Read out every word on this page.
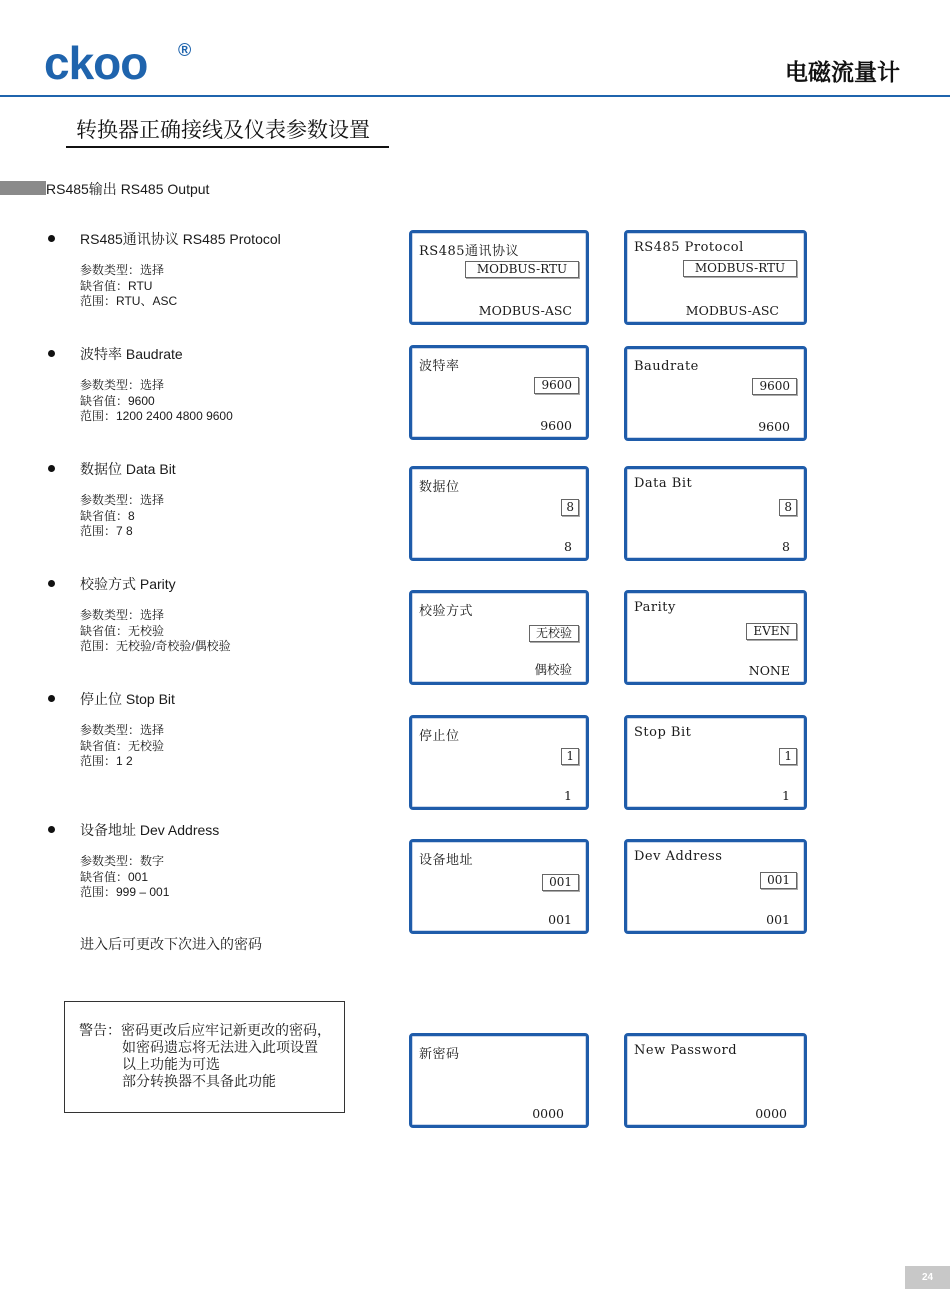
ckoo ®
电磁流量计
转换器正确接线及仪表参数设置
RS485输出 RS485 Output
RS485通讯协议 RS485 Protocol
参数类型：选择
缺省值：RTU
范围：RTU、ASC
波特率 Baudrate
参数类型：选择
缺省值：9600
范围：1200 2400 4800 9600
数据位 Data Bit
参数类型：选择
缺省值：8
范围：7 8
校验方式 Parity
参数类型：选择
缺省值：无校验
范围：无校验/奇校验/偶校验
停止位 Stop Bit
参数类型：选择
缺省值：无校验
范围：1 2
设备地址 Dev Address
参数类型：数字
缺省值：001
范围：999 – 001
进入后可更改下次进入的密码
警告：密码更改后应牢记新更改的密码，
如密码遗忘将无法进入此项设置
以上功能为可选
部分转换器不具备此功能
RS485通讯协议
MODBUS-RTU
MODBUS-ASC
波特率
9600
9600
数据位
8
8
校验方式
无校验
偶校验
停止位
1
1
设备地址
001
001
新密码
0000
RS485 Protocol
MODBUS-RTU
MODBUS-ASC
Baudrate
9600
9600
Data Bit
8
8
Parity
EVEN
NONE
Stop Bit
1
1
Dev Address
001
001
New Password
0000
24
